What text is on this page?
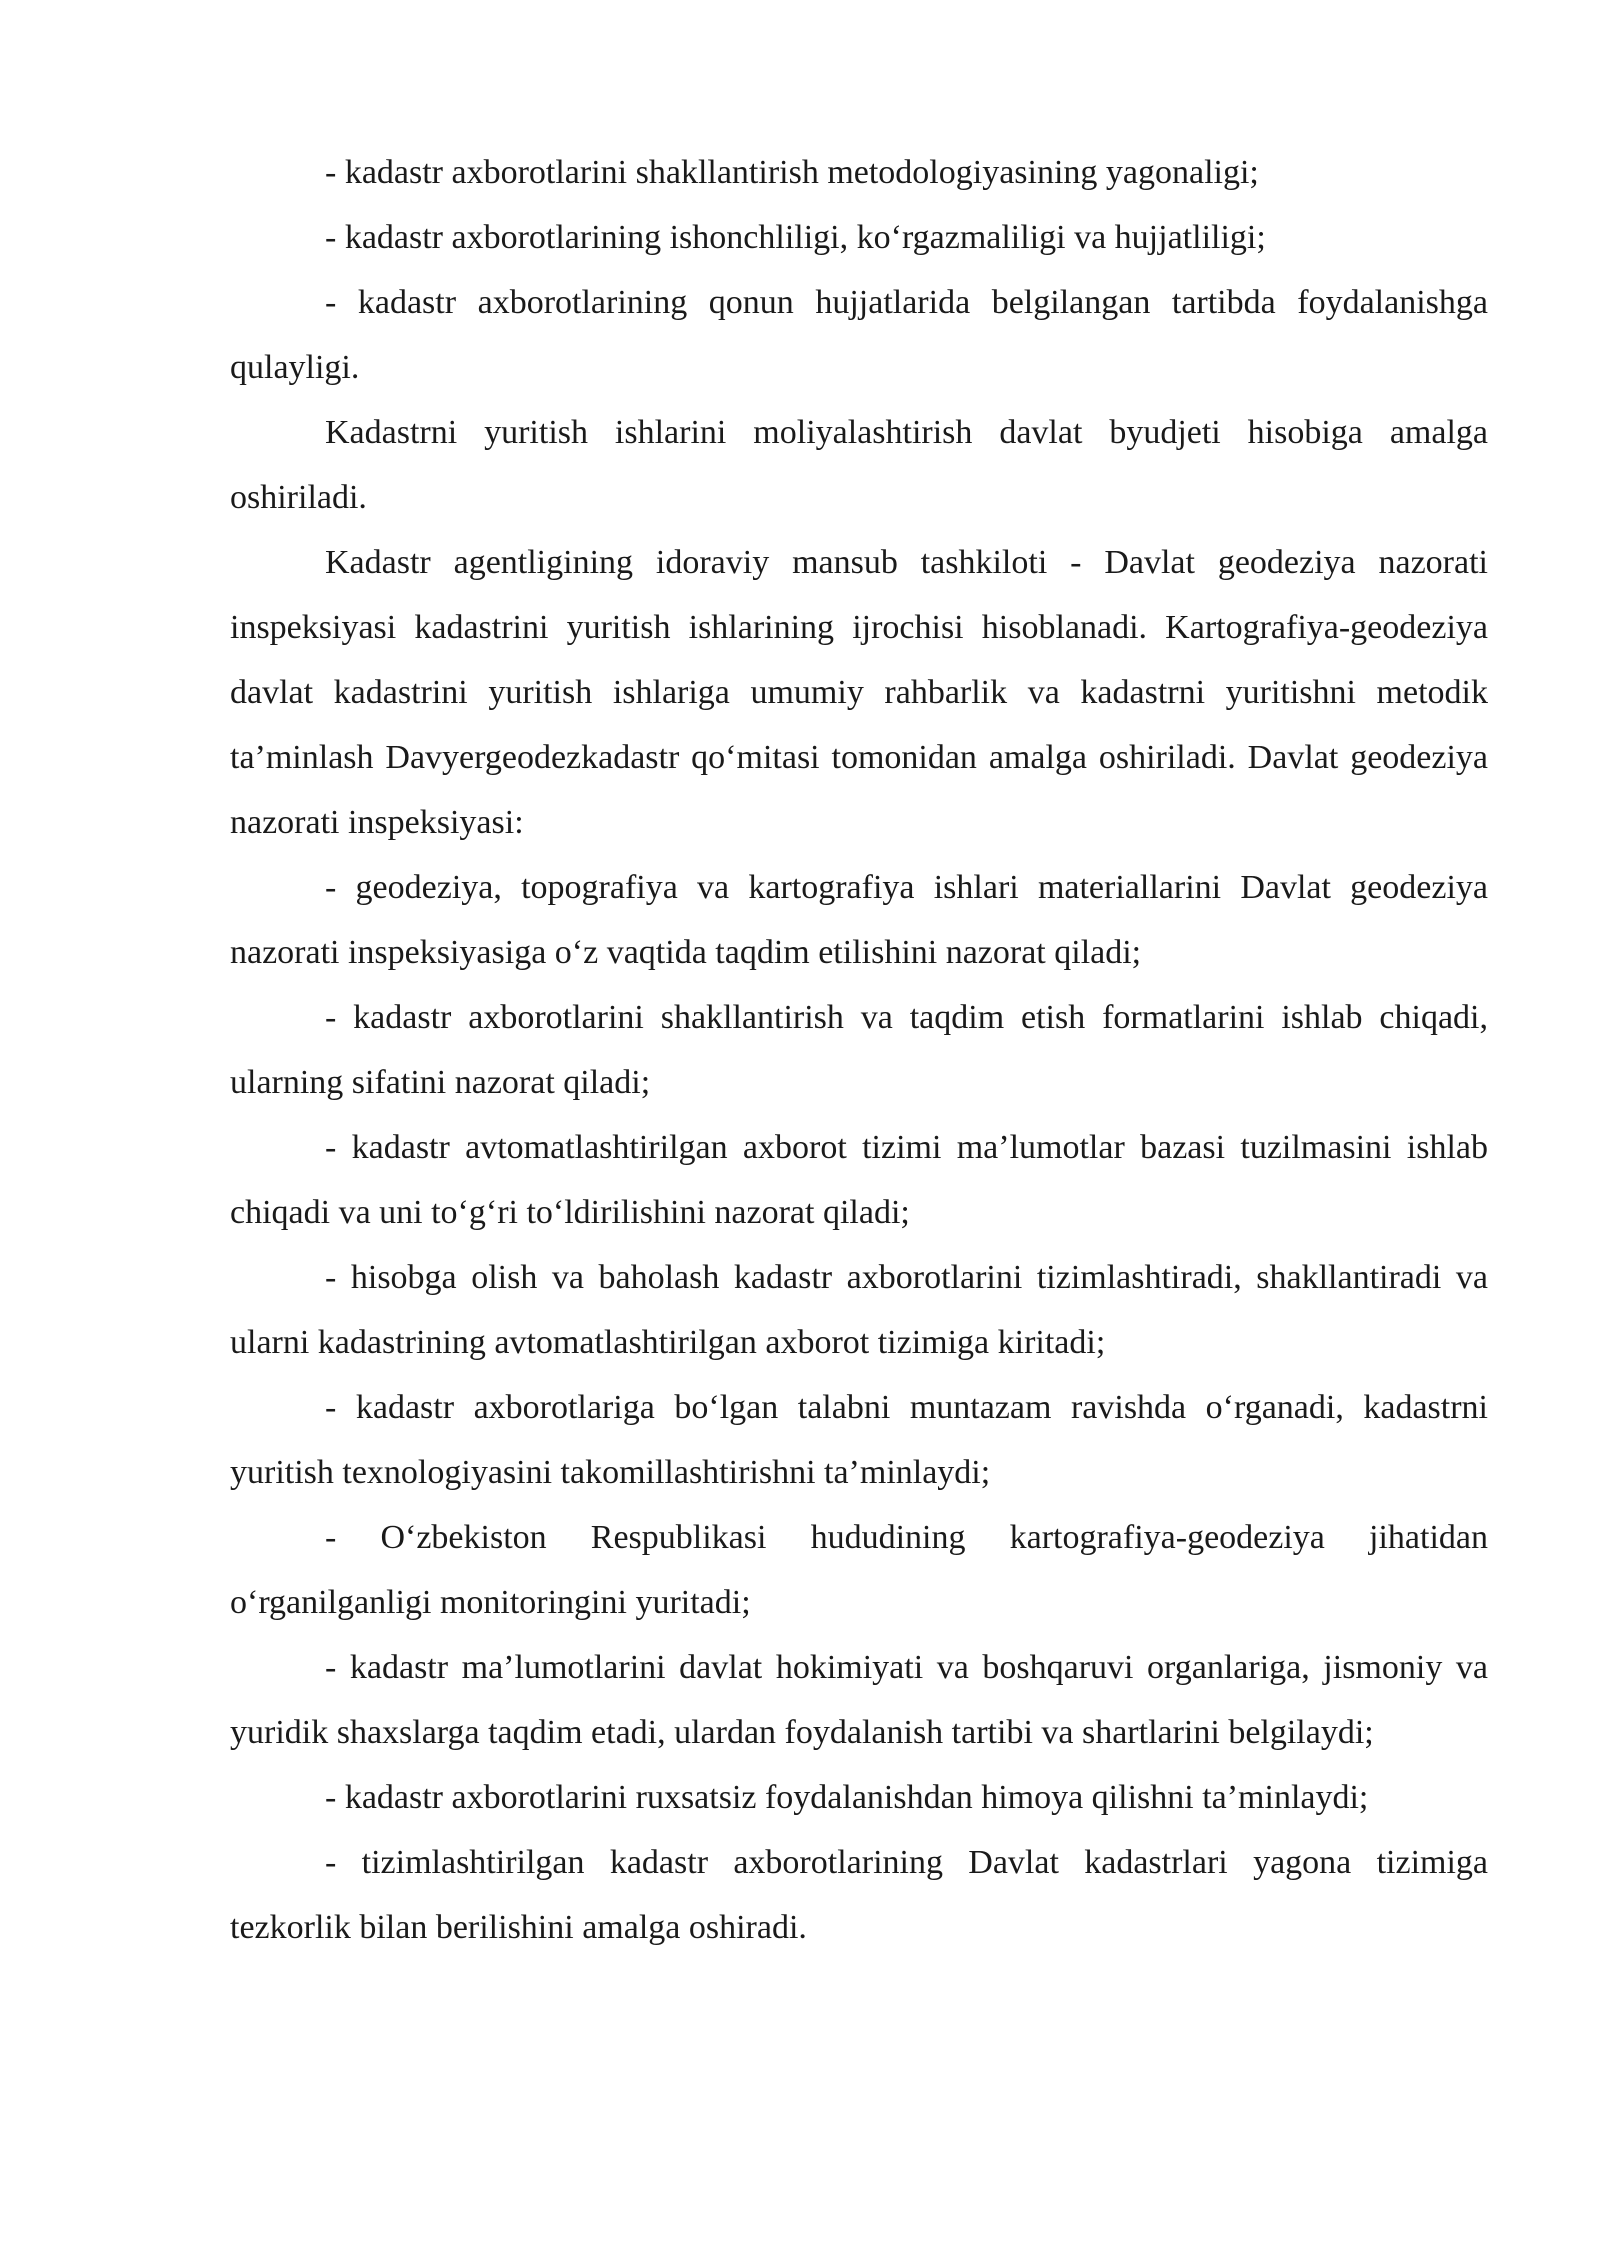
- kadastr axborotlarini shakllantirish metodologiyasining yagonaligi;

- kadastr axborotlarining ishonchliligi, ko‘rgazmaliligi va hujjatliligi;

- kadastr axborotlarining qonun hujjatlarida belgilangan tartibda foydalanishga qulayligi.

Kadastrni yuritish ishlarini moliyalashtirish davlat byudjeti hisobiga amalga oshiriladi.

Kadastr agentligining idoraviy mansub tashkiloti - Davlat geodeziya nazorati inspeksiyasi kadastrini yuritish ishlarining ijrochisi hisoblanadi. Kartografiya-geodeziya davlat kadastrini yuritish ishlariga umumiy rahbarlik va kadastrni yuritishni metodik ta’minlash Davyergeodezkadastr qo‘mitasi tomonidan amalga oshiriladi. Davlat geodeziya nazorati inspeksiyasi:

- geodeziya, topografiya va kartografiya ishlari materiallarini Davlat geodeziya nazorati inspeksiyasiga o‘z vaqtida taqdim etilishini nazorat qiladi;

- kadastr axborotlarini shakllantirish va taqdim etish formatlarini ishlab chiqadi, ularning sifatini nazorat qiladi;

- kadastr avtomatlashtirilgan axborot tizimi ma’lumotlar bazasi tuzilmasini ishlab chiqadi va uni to‘g‘ri to‘ldirilishini nazorat qiladi;

- hisobga olish va baholash kadastr axborotlarini tizimlashtiradi, shakllantiradi va ularni kadastrining avtomatlashtirilgan axborot tizimiga kiritadi;

- kadastr axborotlariga bo‘lgan talabni muntazam ravishda o‘rganadi, kadastrni yuritish texnologiyasini takomillashtirishni ta’minlaydi;

- O‘zbekiston Respublikasi hududining kartografiya-geodeziya jihatidan o‘rganilganligi monitoringini yuritadi;

- kadastr ma’lumotlarini davlat hokimiyati va boshqaruvi organlariga, jismoniy va yuridik shaxslarga taqdim etadi, ulardan foydalanish tartibi va shartlarini belgilaydi;

- kadastr axborotlarini ruxsatsiz foydalanishdan himoya qilishni ta’minlaydi;

- tizimlashtirilgan kadastr axborotlarining Davlat kadastrlari yagona tizimiga tezkorlik bilan berilishini amalga oshiradi.
